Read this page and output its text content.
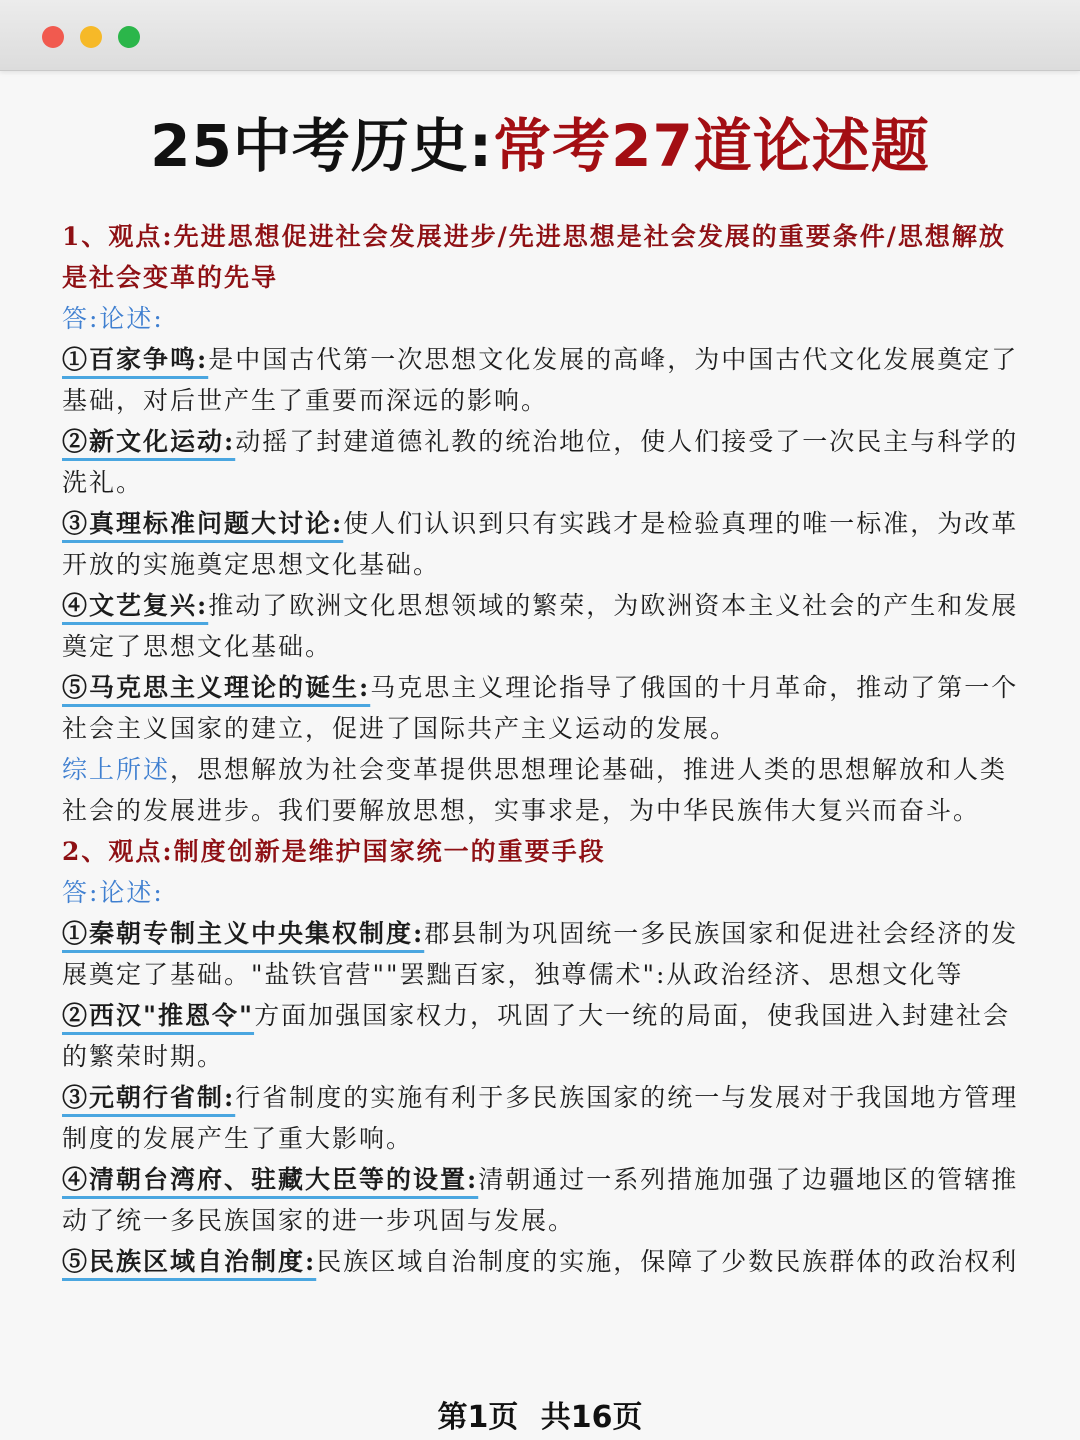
25中考历史:常考27道论述题

1、观点:先进思想促进社会发展进步/先进思想是社会发展的重要条件/思想解放是社会变革的先导

答:论述:

①百家争鸣:是中国古代第一次思想文化发展的高峰，为中国古代文化发展奠定了基础，对后世产生了重要而深远的影响。

②新文化运动:动摇了封建道德礼教的统治地位，使人们接受了一次民主与科学的洗礼。

③真理标准问题大讨论:使人们认识到只有实践才是检验真理的唯一标准，为改革开放的实施奠定思想文化基础。

④文艺复兴:推动了欧洲文化思想领域的繁荣，为欧洲资本主义社会的产生和发展奠定了思想文化基础。

⑤马克思主义理论的诞生:马克思主义理论指导了俄国的十月革命，推动了第一个社会主义国家的建立，促进了国际共产主义运动的发展。

综上所述，思想解放为社会变革提供思想理论基础，推进人类的思想解放和人类社会的发展进步。我们要解放思想，实事求是，为中华民族伟大复兴而奋斗。

2、观点:制度创新是维护国家统一的重要手段

答:论述:

①秦朝专制主义中央集权制度:郡县制为巩固统一多民族国家和促进社会经济的发展奠定了基础。"盐铁官营""罢黜百家，独尊儒术":从政治经济、思想文化等

②西汉"推恩令"方面加强国家权力，巩固了大一统的局面，使我国进入封建社会的繁荣时期。

③元朝行省制:行省制度的实施有利于多民族国家的统一与发展对于我国地方管理制度的发展产生了重大影响。

④清朝台湾府、驻藏大臣等的设置:清朝通过一系列措施加强了边疆地区的管辖推动了统一多民族国家的进一步巩固与发展。

⑤民族区域自治制度:民族区域自治制度的实施，保障了少数民族群体的政治权利

第1页 共16页
